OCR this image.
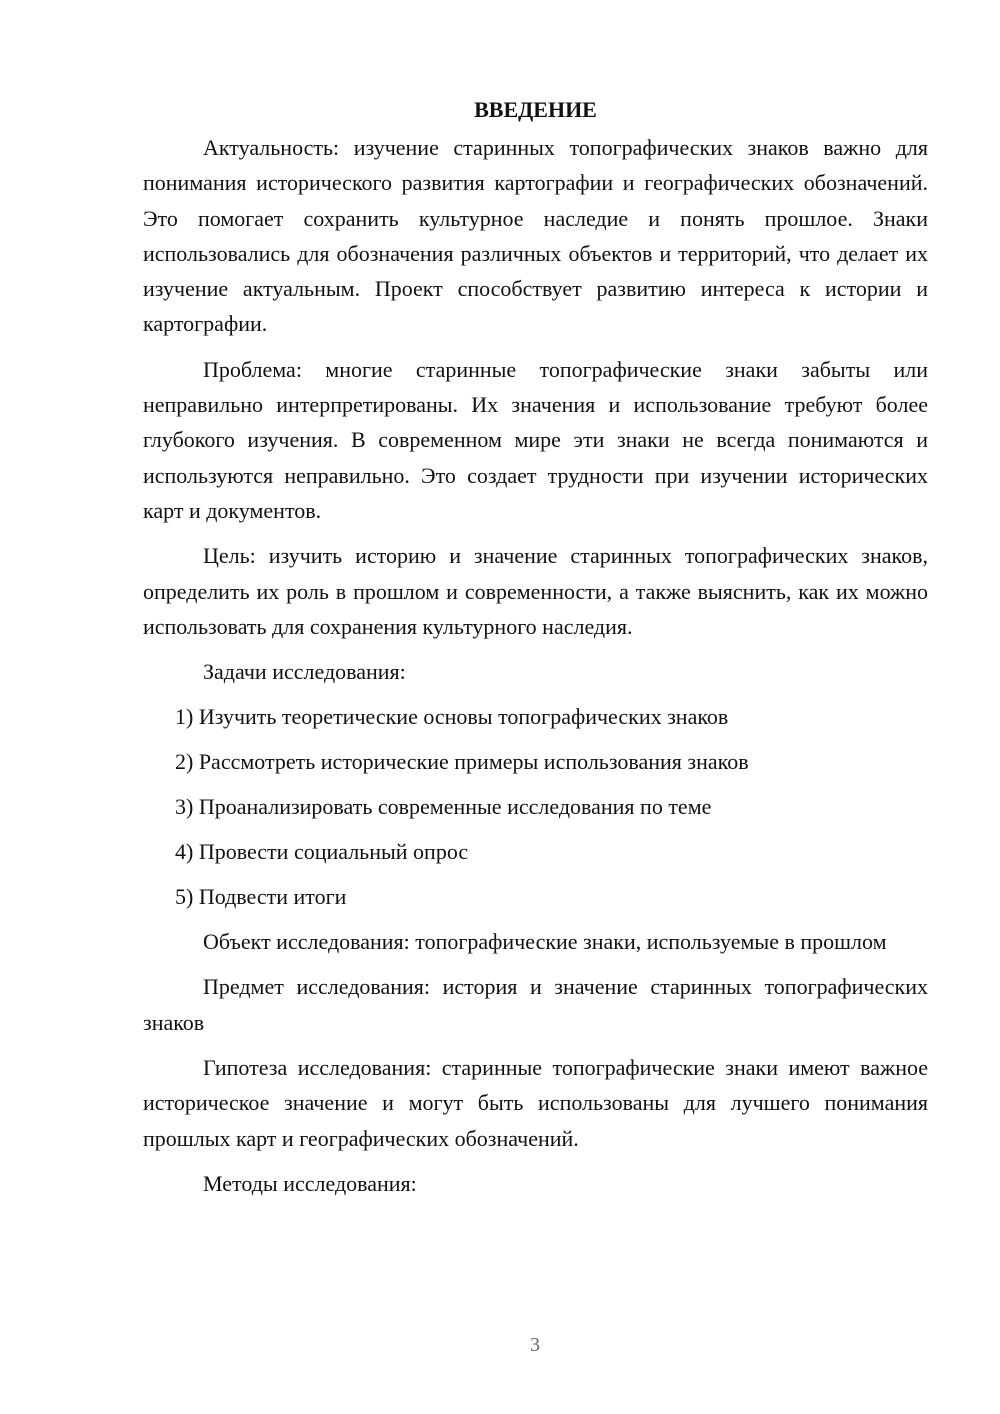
ВВЕДЕНИЕ

Актуальность: изучение старинных топографических знаков важно для понимания исторического развития картографии и географических обозначений. Это помогает сохранить культурное наследие и понять прошлое. Знаки использовались для обозначения различных объектов и территорий, что делает их изучение актуальным. Проект способствует развитию интереса к истории и картографии.

Проблема: многие старинные топографические знаки забыты или неправильно интерпретированы. Их значения и использование требуют более глубокого изучения. В современном мире эти знаки не всегда понимаются и используются неправильно. Это создает трудности при изучении исторических карт и документов.

Цель: изучить историю и значение старинных топографических знаков, определить их роль в прошлом и современности, а также выяснить, как их можно использовать для сохранения культурного наследия.

Задачи исследования:
1) Изучить теоретические основы топографических знаков
2) Рассмотреть исторические примеры использования знаков
3) Проанализировать современные исследования по теме
4) Провести социальный опрос
5) Подвести итоги

Объект исследования: топографические знаки, используемые в прошлом

Предмет исследования: история и значение старинных топографических знаков

Гипотеза исследования: старинные топографические знаки имеют важное историческое значение и могут быть использованы для лучшего понимания прошлых карт и географических обозначений.

Методы исследования:
3
